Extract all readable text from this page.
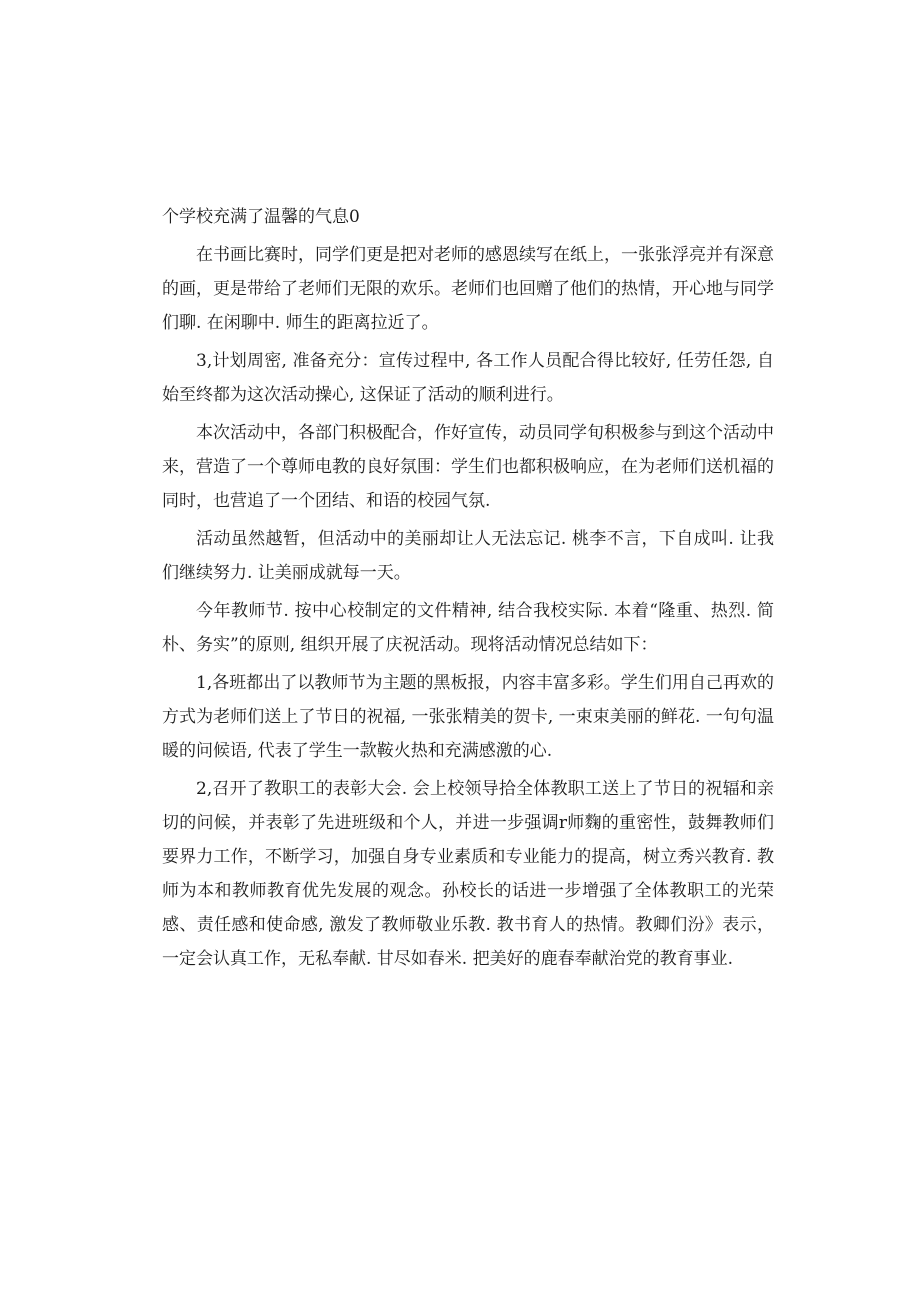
个学校充满了温馨的气息0

在书画比赛时，同学们更是把对老师的感恩续写在纸上，一张张浮亮并有深意的画，更是带给了老师们无限的欢乐。老师们也回赠了他们的热情，开心地与同学们聊. 在闲聊中. 师生的距离拉近了。

3,计划周密, 准备充分：宣传过程中, 各工作人员配合得比较好, 任劳任怨, 自始至终都为这次活动操心, 这保证了活动的顺利进行。

本次活动中，各部门积极配合，作好宣传，动员同学旬积极参与到这个活动中来，营造了一个尊师电教的良好氛围：学生们也都积极响应，在为老师们送机福的同时，也营追了一个团结、和语的校园气氛.

活动虽然越暂，但活动中的美丽却让人无法忘记. 桃李不言，下自成叫. 让我们继续努力. 让美丽成就每一天。

今年教师节. 按中心校制定的文件精神, 结合我校实际. 本着“隆重、热烈. 简朴、务实”的原则, 组织开展了庆祝活动。现将活动情况总结如下：

1,各班都出了以教师节为主题的黑板报，内容丰富多彩。学生们用自己再欢的方式为老师们送上了节日的祝福, 一张张精美的贺卡, 一束束美丽的鲜花. 一句句温暖的问候语, 代表了学生一款鞍火热和充满感激的心.

2,召开了教职工的表彰大会. 会上校领导拾全体教职工送上了节日的祝辐和亲切的问候，并表彰了先进班级和个人，并进一步强调r师麴的重密性，鼓舞教师们要界力工作，不断学习，加强自身专业素质和专业能力的提高，树立秀兴教育. 教师为本和教师教育优先发展的观念。孙校长的话进一步增强了全体教职工的光荣感、责任感和使命感, 激发了教师敬业乐教. 教书育人的热情。教卿们汾》表示，一定会认真工作，无私奉献. 甘尽如春米. 把美好的鹿春奉献治党的教育事业.
